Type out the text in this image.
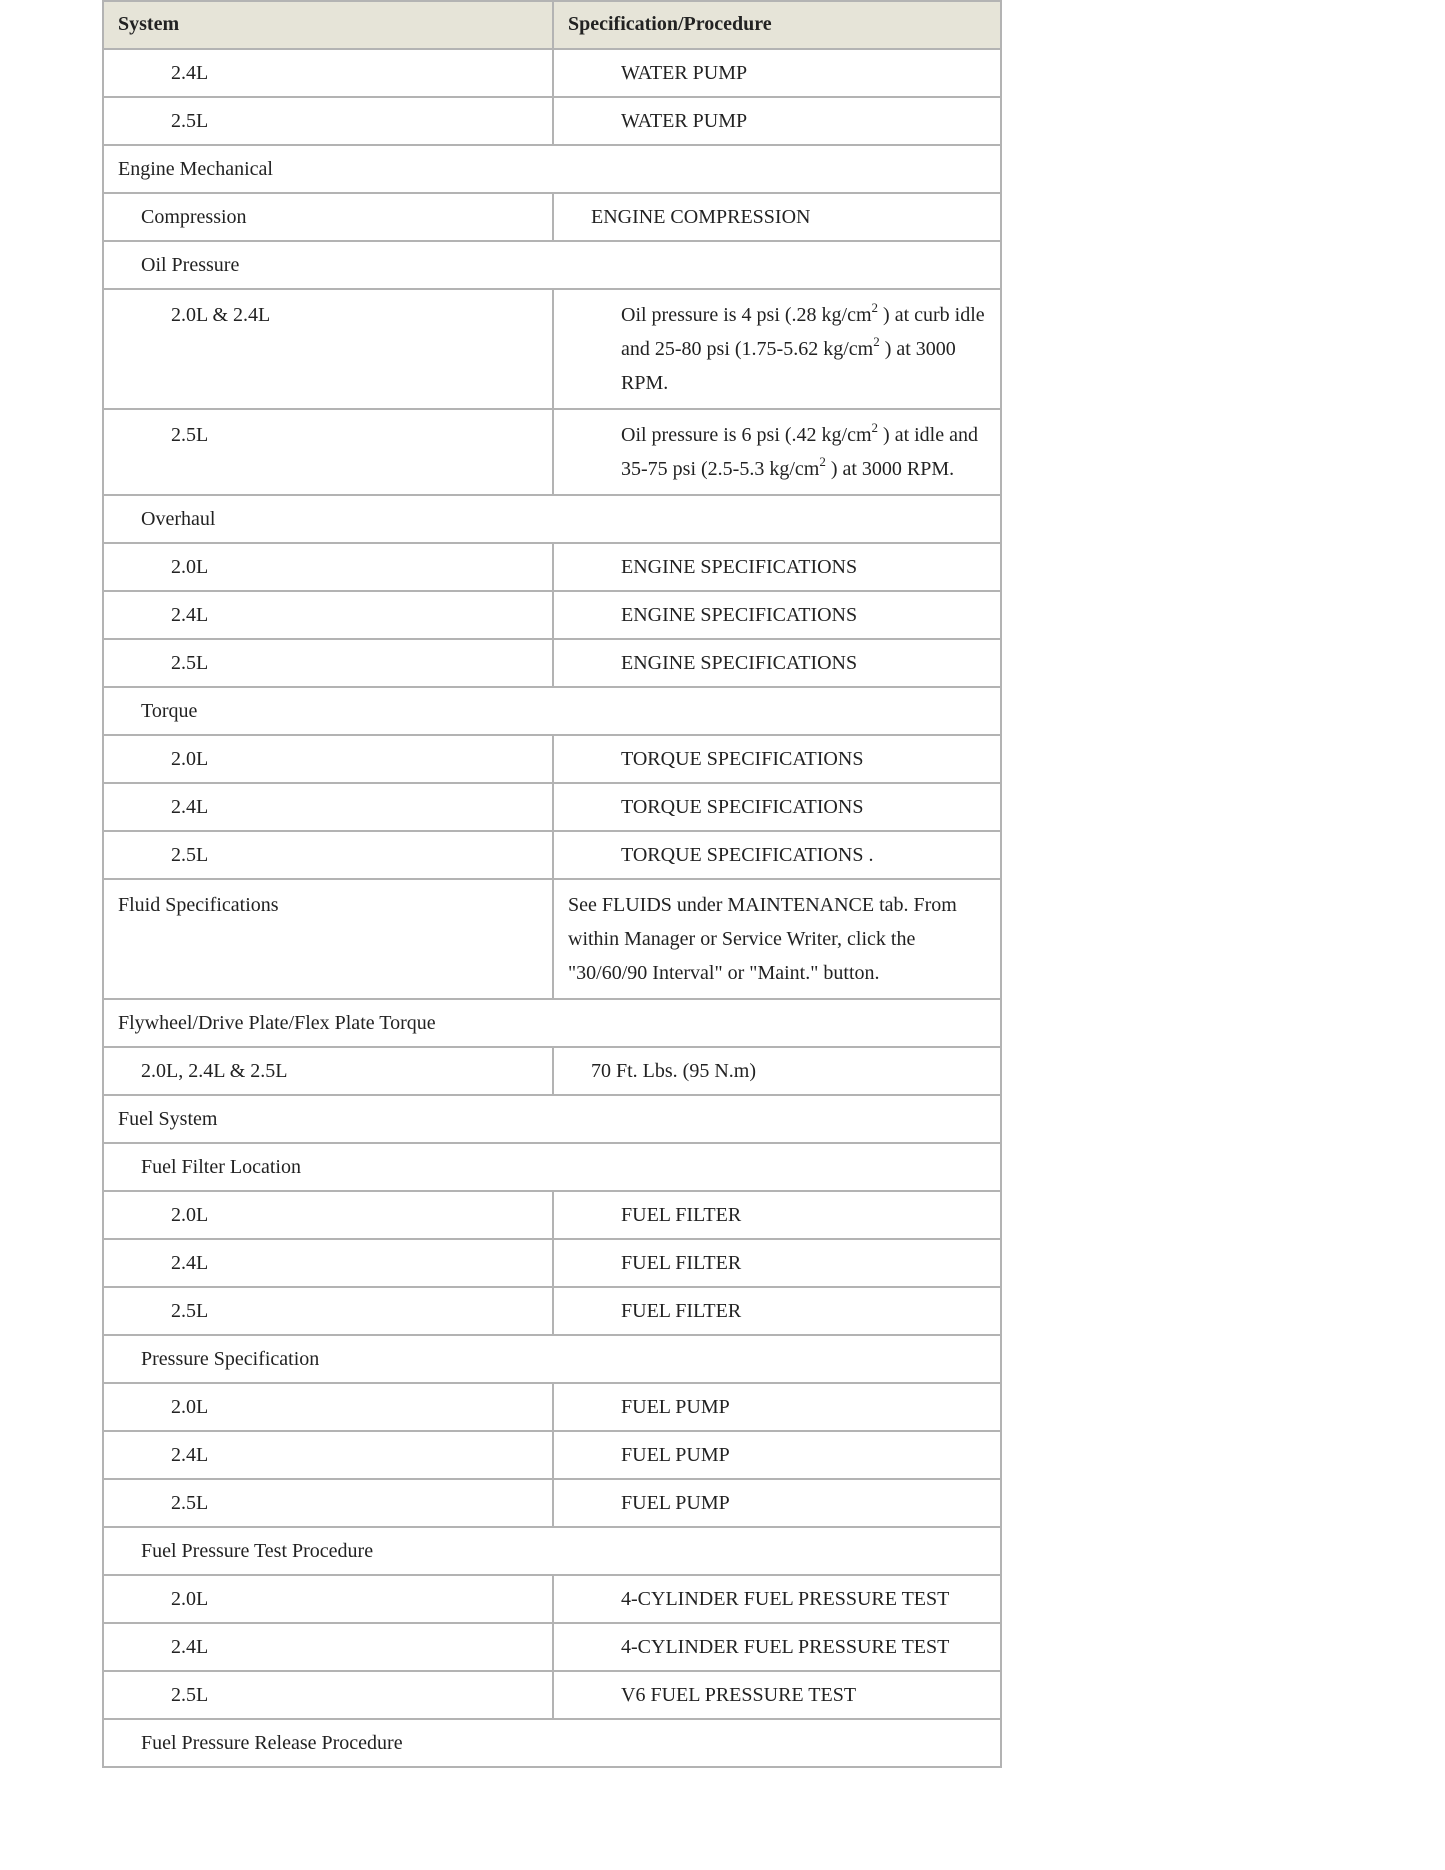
System	Specification/Procedure

2.4L	WATER PUMP

2.5L	WATER PUMP

Engine Mechanical	

Compression	ENGINE COMPRESSION

Oil Pressure	

2.0L & 2.4L	Oil pressure is 4 psi (.28 $kg/cm^2$ ) at curb idle and 25-80 psi (1.75-5.62 $kg/cm^2$ ) at 3000 RPM.

2.5L	Oil pressure is 6 psi (.42 $kg/cm^2$ ) at idle and 35-75 psi (2.5-5.3 $kg/cm^2$ ) at 3000 RPM.

Overhaul	

2.0L	ENGINE SPECIFICATIONS

2.4L	ENGINE SPECIFICATIONS

2.5L	ENGINE SPECIFICATIONS

Torque	

2.0L	TORQUE SPECIFICATIONS

2.4L	TORQUE SPECIFICATIONS

2.5L	TORQUE SPECIFICATIONS .

Fluid Specifications	See FLUIDS under MAINTENANCE tab. From within Manager or Service Writer, click the "30/60/90 Interval" or "Maint." button.

Flywheel/Drive Plate/Flex Plate Torque	

2.0L, 2.4L & 2.5L	70 Ft. Lbs. (95 N.m)

Fuel System	

Fuel Filter Location	

2.0L	FUEL FILTER

2.4L	FUEL FILTER

2.5L	FUEL FILTER

Pressure Specification	

2.0L	FUEL PUMP

2.4L	FUEL PUMP

2.5L	FUEL PUMP

Fuel Pressure Test Procedure	

2.0L	4-CYLINDER FUEL PRESSURE TEST

2.4L	4-CYLINDER FUEL PRESSURE TEST

2.5L	V6 FUEL PRESSURE TEST

Fuel Pressure Release Procedure	
